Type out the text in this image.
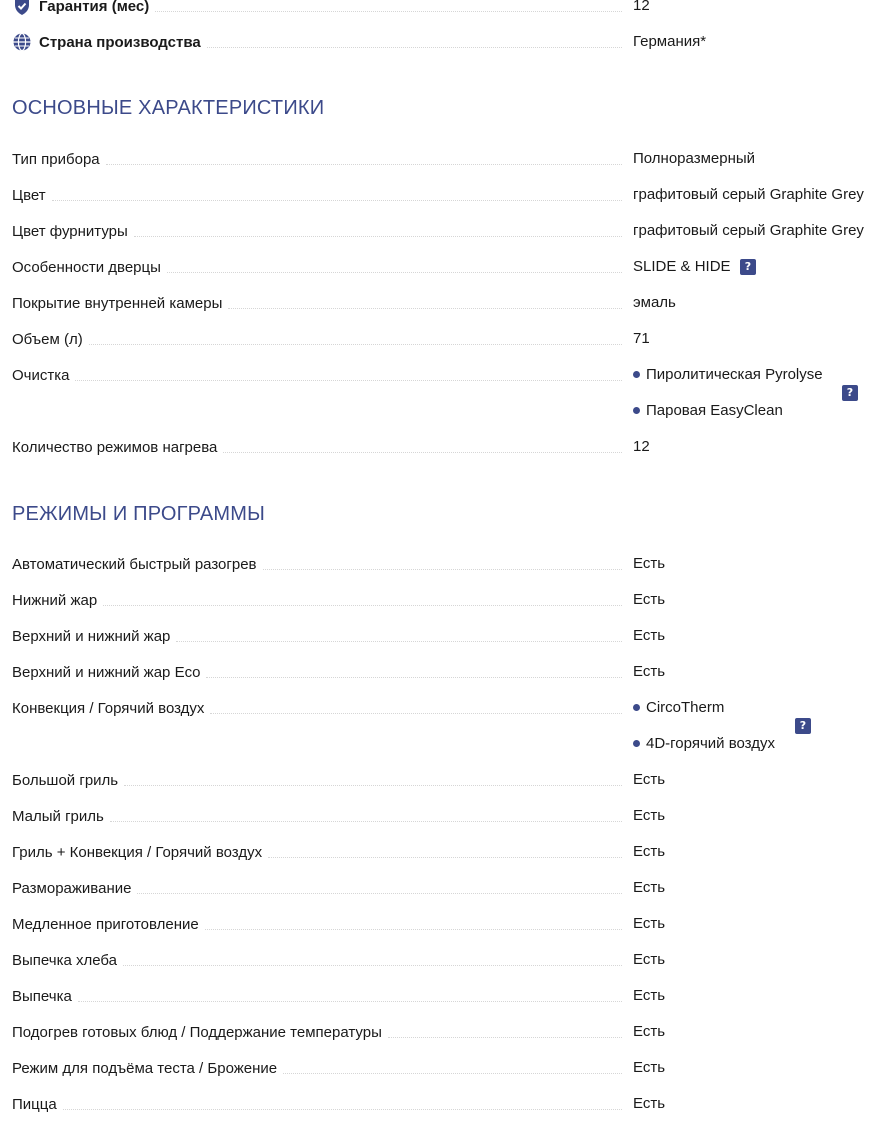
Гарантия (мес)	12
Страна производства	Германия*
ОСНОВНЫЕ ХАРАКТЕРИСТИКИ
Тип прибора	Полноразмерный
Цвет	графитовый серый Graphite Grey
Цвет фурнитуры	графитовый серый Graphite Grey
Особенности дверцы	SLIDE & HIDE	?
Покрытие внутренней камеры	эмаль
Объем (л)	71
Очистка	Пиролитическая Pyrolyse
Паровая EasyClean
?
Количество режимов нагрева	12
РЕЖИМЫ И ПРОГРАММЫ
Автоматический быстрый разогрев	Есть
Нижний жар	Есть
Верхний и нижний жар	Есть
Верхний и нижний жар Eco	Есть
Конвекция / Горячий воздух	CircoTherm
4D-горячий воздух
?
Большой гриль	Есть
Малый гриль	Есть
Гриль + Конвекция / Горячий воздух	Есть
Размораживание	Есть
Медленное приготовление	Есть
Выпечка хлеба	Есть
Выпечка	Есть
Подогрев готовых блюд / Поддержание температуры	Есть
Режим для подъёма теста / Брожение	Есть
Пицца	Есть
